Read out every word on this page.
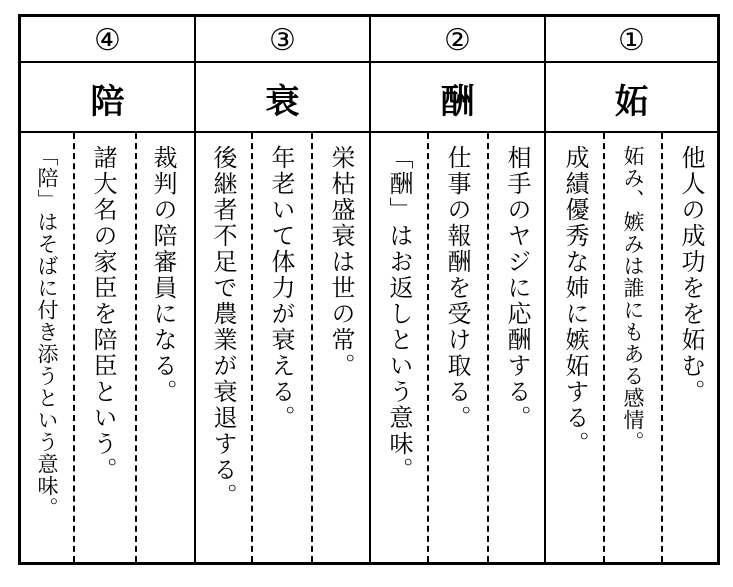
④
陪
裁判の陪審員になる。
諸大名の家臣を陪臣という。
「陪」はそばに付き添うという意味。
③
衰
栄枯盛衰は世の常。
年老いて体力が衰える。
後継者不足で農業が衰退する。
②
酬
相手のヤジに応酬する。
仕事の報酬を受け取る。
「酬」はお返しという意味。
①
妬
他人の成功をを妬む。
妬み、嫉みは誰にもある感情。
成績優秀な姉に嫉妬する。
